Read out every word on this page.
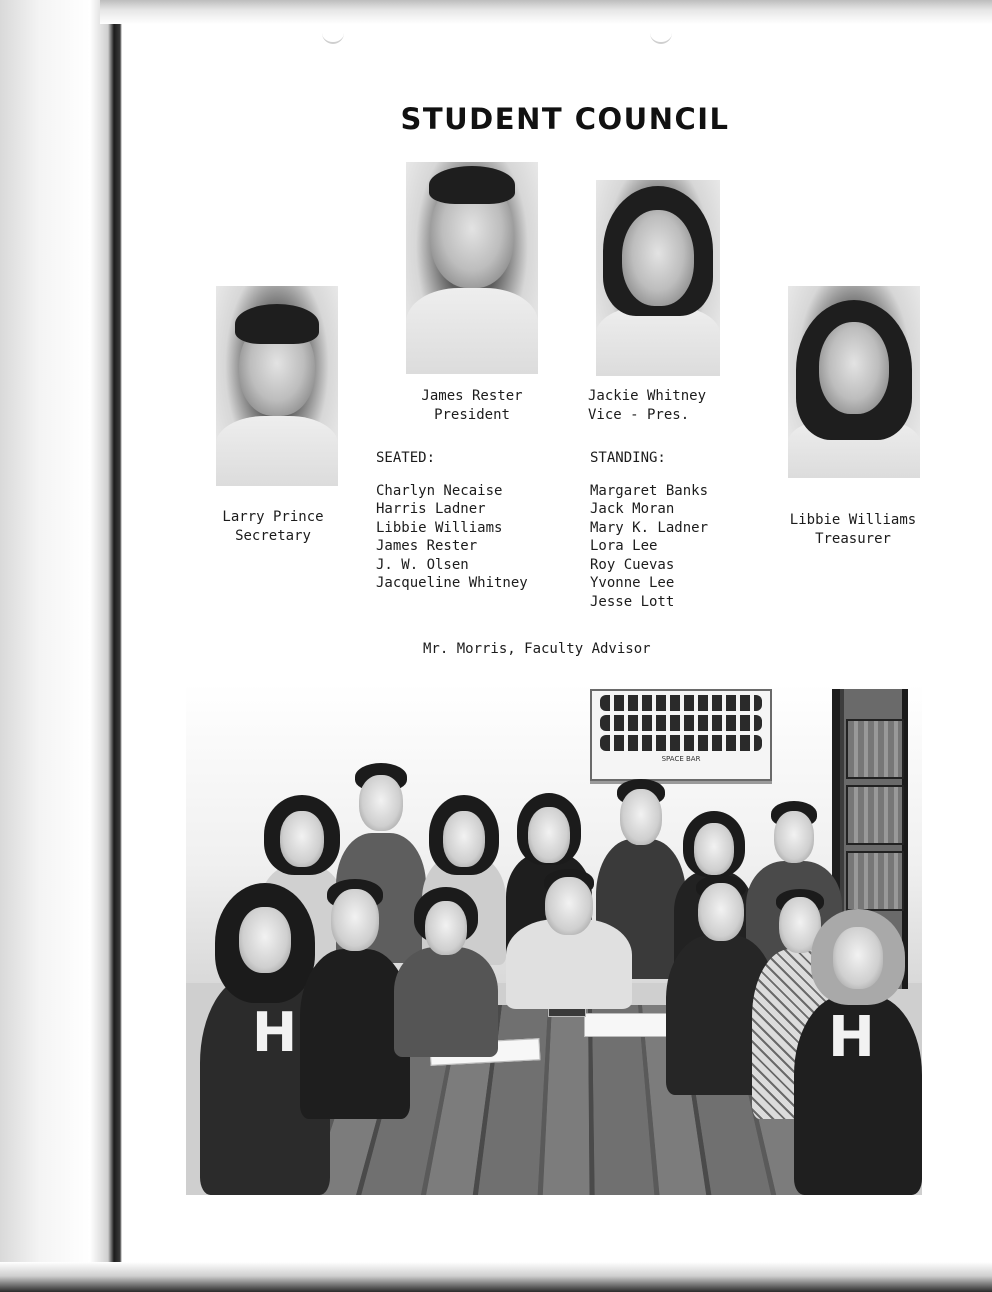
STUDENT COUNCIL
Larry Prince
Secretary
James Rester
President
Jackie Whitney
Vice - Pres.
Libbie Williams
Treasurer
SEATED:
Charlyn Necaise
Harris Ladner
Libbie Williams
James Rester
J. W. Olsen
Jacqueline Whitney
STANDING:
Margaret Banks
Jack Moran
Mary K. Ladner
Lora Lee
Roy Cuevas
Yvonne Lee
Jesse Lott
Mr. Morris, Faculty Advisor
SPACE BAR
H	H
